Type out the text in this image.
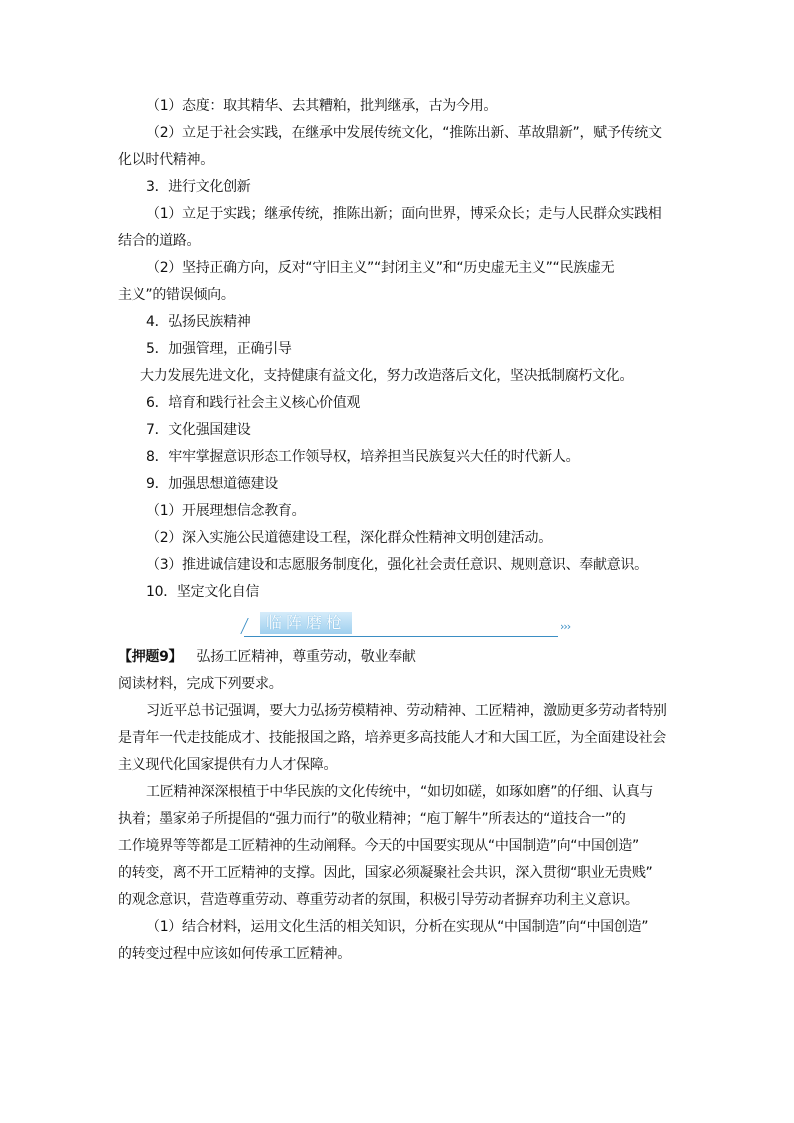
（1）态度：取其精华、去其糟粕，批判继承，古为今用。
（2）立足于社会实践，在继承中发展传统文化，“推陈出新、革故鼎新”，赋予传统文
化以时代精神。
3．进行文化创新
（1）立足于实践；继承传统，推陈出新；面向世界，博采众长；走与人民群众实践相
结合的道路。
（2）坚持正确方向，反对“守旧主义”“封闭主义”和“历史虚无主义”“民族虚无
主义”的错误倾向。
4．弘扬民族精神
5．加强管理，正确引导
大力发展先进文化，支持健康有益文化，努力改造落后文化，坚决抵制腐朽文化。
6．培育和践行社会主义核心价值观
7．文化强国建设
8．牢牢掌握意识形态工作领导权，培养担当民族复兴大任的时代新人。
9．加强思想道德建设
（1）开展理想信念教育。
（2）深入实施公民道德建设工程，深化群众性精神文明创建活动。
（3）推进诚信建设和志愿服务制度化，强化社会责任意识、规则意识、奉献意识。
10．坚定文化自信
临阵磨枪	›››
【押题9】 弘扬工匠精神，尊重劳动，敬业奉献
阅读材料，完成下列要求。
习近平总书记强调，要大力弘扬劳模精神、劳动精神、工匠精神，激励更多劳动者特别
是青年一代走技能成才、技能报国之路，培养更多高技能人才和大国工匠，为全面建设社会
主义现代化国家提供有力人才保障。
工匠精神深深根植于中华民族的文化传统中，“如切如磋，如琢如磨”的仔细、认真与
执着；墨家弟子所提倡的“强力而行”的敬业精神；“庖丁解牛”所表达的“道技合一”的
工作境界等等都是工匠精神的生动阐释。今天的中国要实现从“中国制造”向“中国创造”
的转变，离不开工匠精神的支撑。因此，国家必须凝聚社会共识，深入贯彻“职业无贵贱”
的观念意识，营造尊重劳动、尊重劳动者的氛围，积极引导劳动者摒弃功利主义意识。
（1）结合材料，运用文化生活的相关知识，分析在实现从“中国制造”向“中国创造”
的转变过程中应该如何传承工匠精神。
